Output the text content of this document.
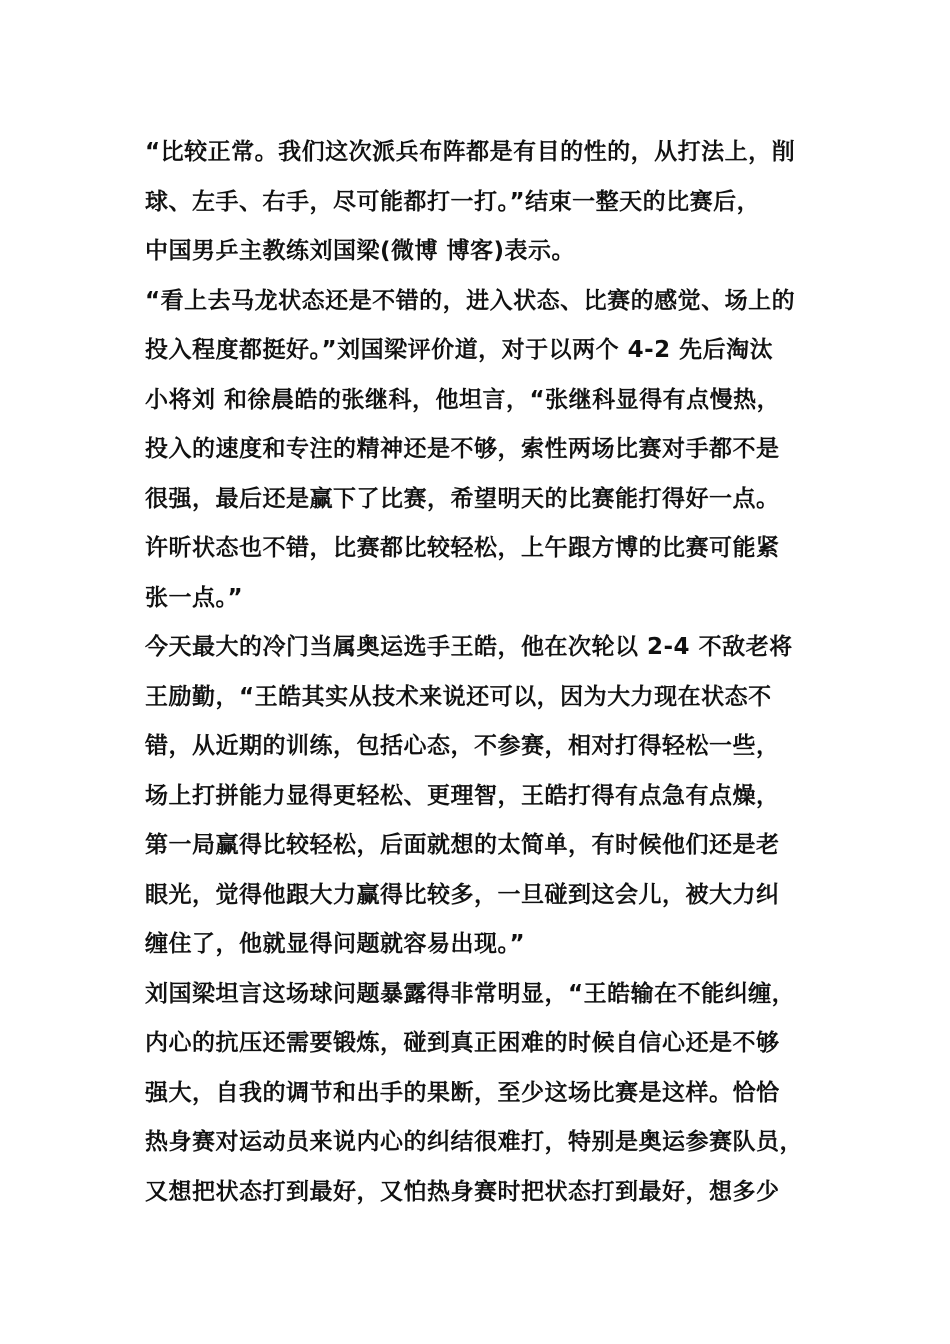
“比较正常。我们这次派兵布阵都是有目的性的，从打法上，削
球、左手、右手，尽可能都打一打。”结束一整天的比赛后，
中国男乒主教练刘国梁(微博 博客)表示。
“看上去马龙状态还是不错的，进入状态、比赛的感觉、场上的
投入程度都挺好。”刘国梁评价道，对于以两个 4-2 先后淘汰
小将刘 和徐晨皓的张继科，他坦言，“张继科显得有点慢热，
投入的速度和专注的精神还是不够，索性两场比赛对手都不是
很强，最后还是赢下了比赛，希望明天的比赛能打得好一点。
许昕状态也不错，比赛都比较轻松，上午跟方博的比赛可能紧
张一点。”
今天最大的冷门当属奥运选手王皓，他在次轮以 2-4 不敌老将
王励勤，“王皓其实从技术来说还可以，因为大力现在状态不
错，从近期的训练，包括心态，不参赛，相对打得轻松一些，
场上打拼能力显得更轻松、更理智，王皓打得有点急有点燥，
第一局赢得比较轻松，后面就想的太简单，有时候他们还是老
眼光，觉得他跟大力赢得比较多，一旦碰到这会儿，被大力纠
缠住了，他就显得问题就容易出现。”
刘国梁坦言这场球问题暴露得非常明显，“王皓输在不能纠缠，
内心的抗压还需要锻炼，碰到真正困难的时候自信心还是不够
强大，自我的调节和出手的果断，至少这场比赛是这样。恰恰
热身赛对运动员来说内心的纠结很难打，特别是奥运参赛队员，
又想把状态打到最好，又怕热身赛时把状态打到最好，想多少
